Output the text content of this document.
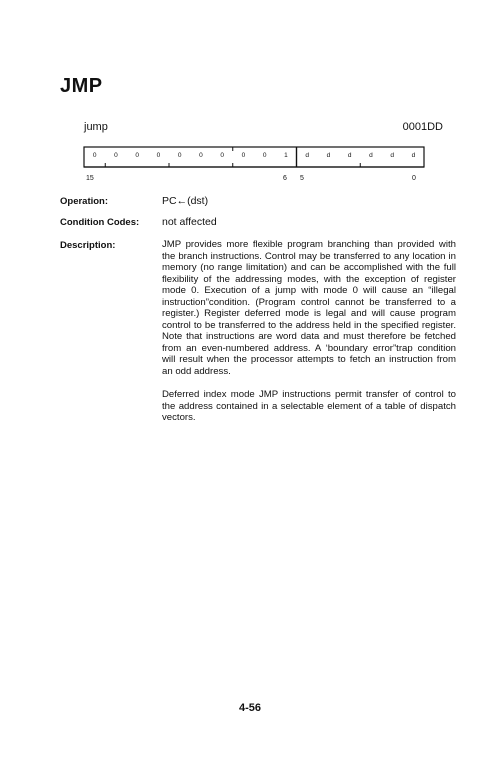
JMP
jump	0001DD
0	0	0	0	0	0	0	0	0	1	d	d	d	d	d	d
15	6 5	0
Operation:	PC←(dst)
Condition Codes: not affected
Description:	JMP provides more flexible program branching than provided with the branch instructions. Control may be transferred to any location in memory (no range limitation) and can be accomplished with the full flexibility of the addressing modes, with the exception of register mode 0. Execution of a jump with mode 0 will cause an “illegal instruction”condition. (Program control cannot be transferred to a register.) Register deferred mode is legal and will cause program control to be transferred to the address held in the specified register. Note that instructions are word data and must therefore be fetched from an even-numbered address. A ‘boundary error”trap condition will result when the processor attempts to fetch an instruction from an odd address.

Deferred index mode JMP instructions permit transfer of control to the address contained in a selectable element of a table of dispatch vectors.

4-56
